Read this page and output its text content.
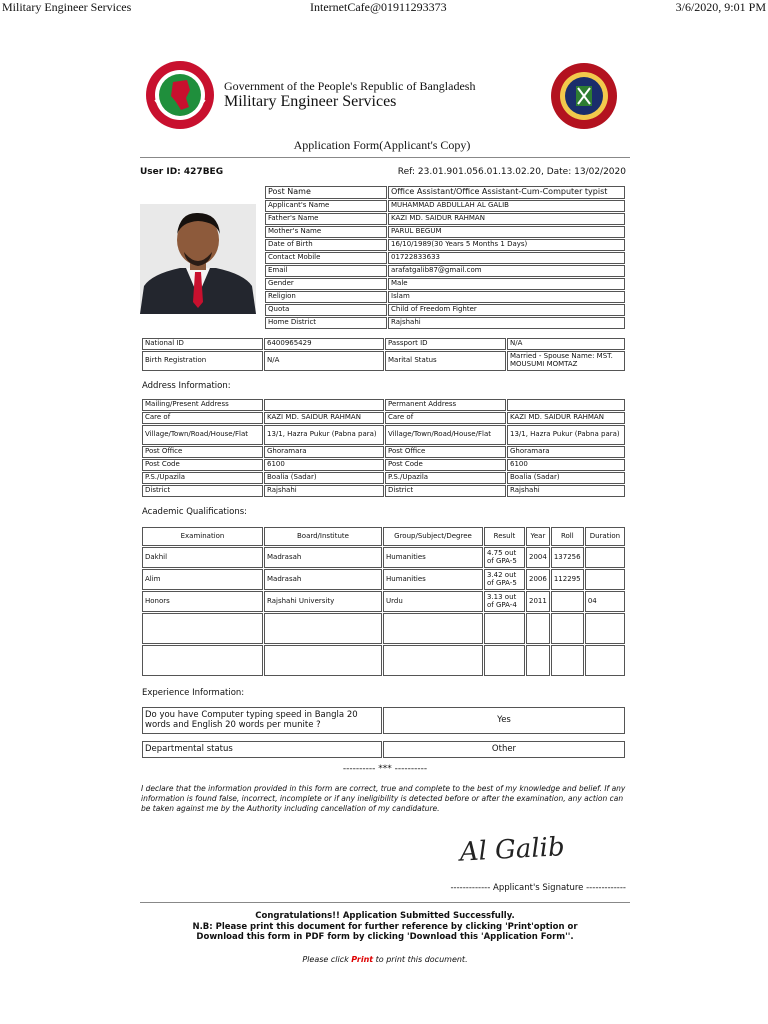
Military Engineer Services	InternetCafe@01911293373	3/6/2020, 9:01 PM
Government of the People's Republic of Bangladesh
Military Engineer Services
Application Form(Applicant's Copy)
User ID: 427BEG	Ref: 23.01.901.056.01.13.02.20, Date: 13/02/2020
Post Name	Office Assistant/Office Assistant-Cum-Computer typist
Applicant's Name	MUHAMMAD ABDULLAH AL GALIB
Father's Name	KAZI MD. SAIDUR RAHMAN
Mother's Name	PARUL BEGUM
Date of Birth	16/10/1989(30 Years 5 Months 1 Days)
Contact Mobile	01722833633
Email	arafatgalib87@gmail.com
Gender	Male
Religion	Islam
Quota	Child of Freedom Fighter
Home District	Rajshahi
National ID	6400965429	Passport ID	N/A
Birth Registration	N/A	Marital Status	Married - Spouse Name: MST. MOUSUMI MOMTAZ
Address Information:
Mailing/Present Address		Permanent Address	
Care of	KAZI MD. SAIDUR RAHMAN	Care of	KAZI MD. SAIDUR RAHMAN
Village/Town/Road/House/Flat	13/1, Hazra Pukur (Pabna para)	Village/Town/Road/House/Flat	13/1, Hazra Pukur (Pabna para)
Post Office	Ghoramara	Post Office	Ghoramara
Post Code	6100	Post Code	6100
P.S./Upazila	Boalia (Sadar)	P.S./Upazila	Boalia (Sadar)
District	Rajshahi	District	Rajshahi
Academic Qualifications:
Examination	Board/Institute	Group/Subject/Degree	Result	Year	Roll	Duration
Dakhil	Madrasah	Humanities	4.75 out of GPA-5	2004	137256	
Alim	Madrasah	Humanities	3.42 out of GPA-5	2006	112295	
Honors	Rajshahi University	Urdu	3.13 out of GPA-4	2011		04

Experience Information:
Do you have Computer typing speed in Bangla 20 words and English 20 words per munite ?	Yes
Departmental status	Other
---------- *** ----------
I declare that the information provided in this form are correct, true and complete to the best of my knowledge and belief. If any information is found false, incorrect, incomplete or if any ineligibility is detected before or after the examination, any action can be taken against me by the Authority including cancellation of my candidature.
Al Galib
------------- Applicant's Signature -------------
Congratulations!! Application Submitted Successfully.
N.B: Please print this document for further reference by clicking 'Print'option or
Download this form in PDF form by clicking 'Download this 'Application Form''.
Please click Print to print this document.
